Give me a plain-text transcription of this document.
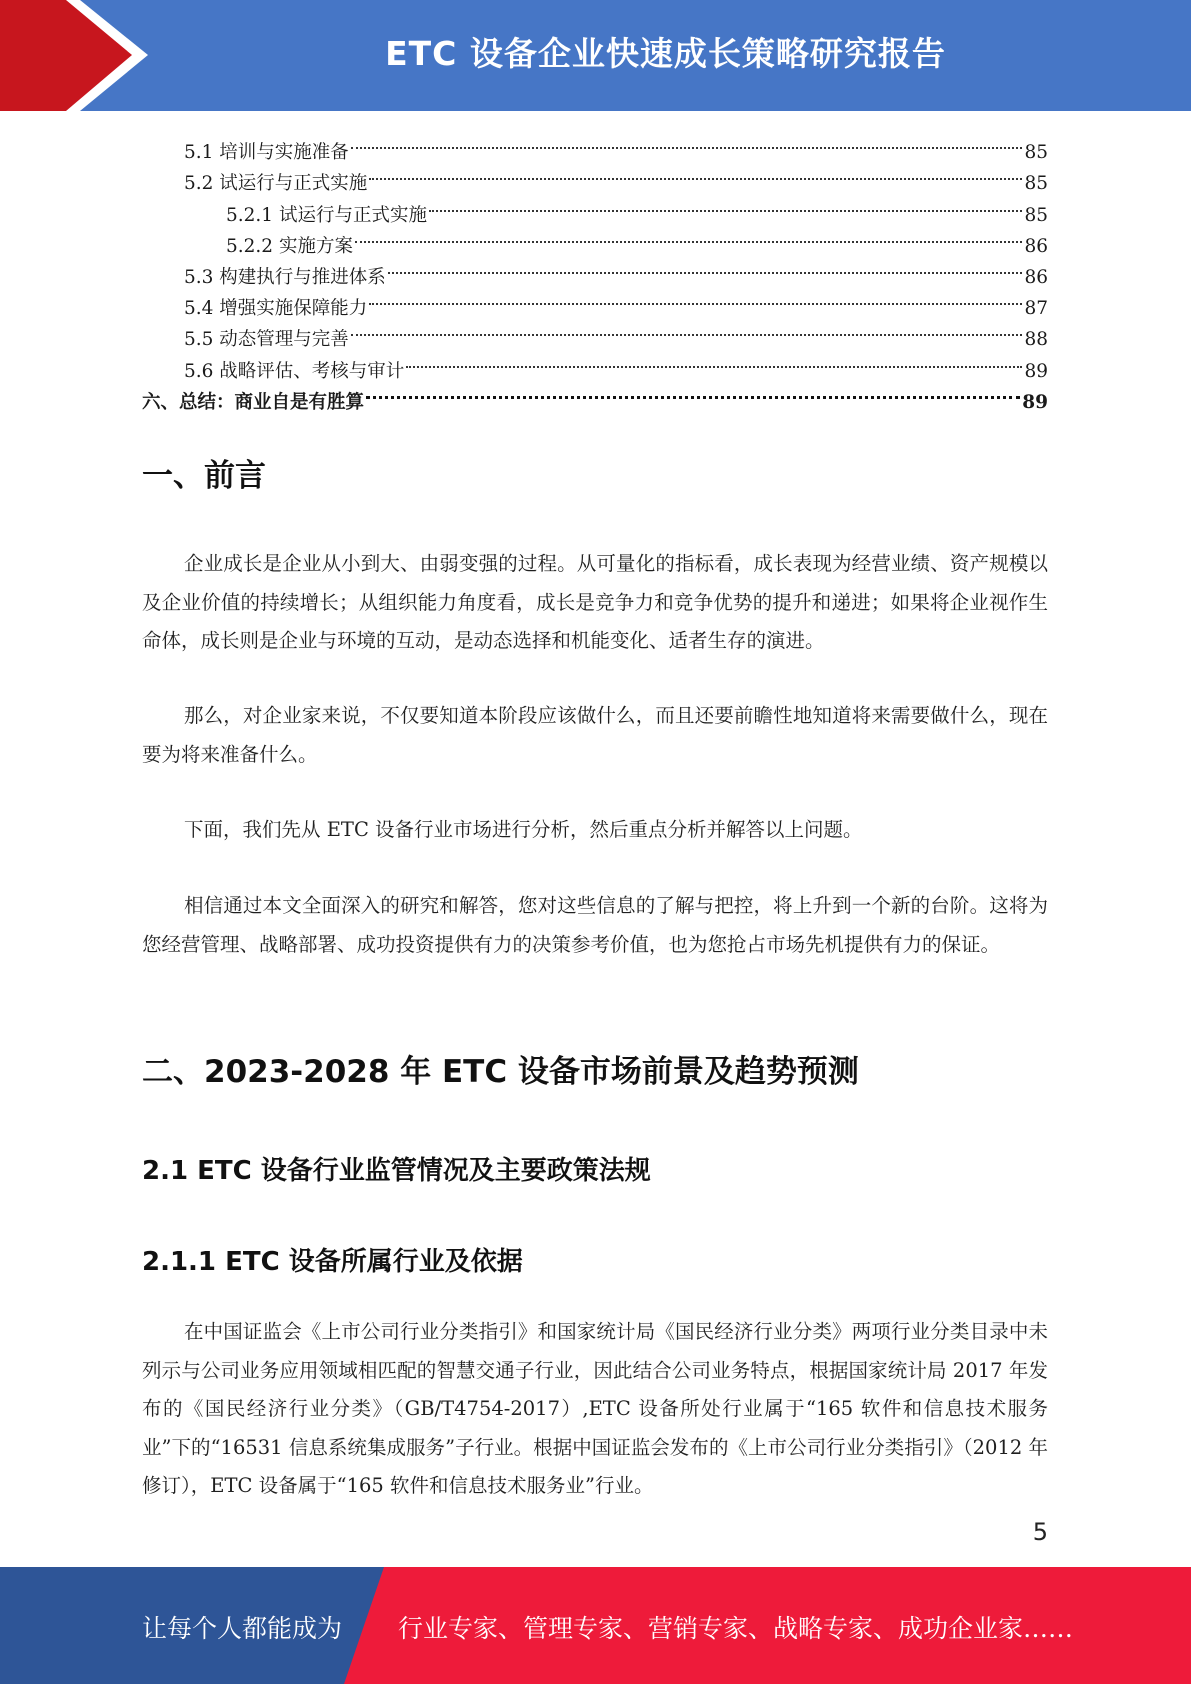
ETC 设备企业快速成长策略研究报告
5.1 培训与实施准备	85
5.2 试运行与正式实施	85
5.2.1 试运行与正式实施	85
5.2.2 实施方案	86
5.3 构建执行与推进体系	86
5.4 增强实施保障能力	87
5.5 动态管理与完善	88
5.6 战略评估、考核与审计	89
六、总结：商业自是有胜算	89
一、前言

企业成长是企业从小到大、由弱变强的过程。从可量化的指标看，成长表现为经营业绩、资产规模以及企业价值的持续增长；从组织能力角度看，成长是竞争力和竞争优势的提升和递进；如果将企业视作生命体，成长则是企业与环境的互动，是动态选择和机能变化、适者生存的演进。

那么，对企业家来说，不仅要知道本阶段应该做什么，而且还要前瞻性地知道将来需要做什么，现在要为将来准备什么。

下面，我们先从 ETC 设备行业市场进行分析，然后重点分析并解答以上问题。

相信通过本文全面深入的研究和解答，您对这些信息的了解与把控，将上升到一个新的台阶。这将为您经营管理、战略部署、成功投资提供有力的决策参考价值，也为您抢占市场先机提供有力的保证。

二、2023-2028 年 ETC 设备市场前景及趋势预测
2.1 ETC 设备行业监管情况及主要政策法规
2.1.1 ETC 设备所属行业及依据

在中国证监会《上市公司行业分类指引》和国家统计局《国民经济行业分类》两项行业分类目录中未列示与公司业务应用领域相匹配的智慧交通子行业，因此结合公司业务特点，根据国家统计局 2017 年发布的《国民经济行业分类》（GB/T4754-2017）,ETC 设备所处行业属于“165 软件和信息技术服务业”下的“16531 信息系统集成服务”子行业。根据中国证监会发布的《上市公司行业分类指引》（2012 年修订），ETC 设备属于“165 软件和信息技术服务业”行业。

5
让每个人都能成为 行业专家、管理专家、营销专家、战略专家、成功企业家……
